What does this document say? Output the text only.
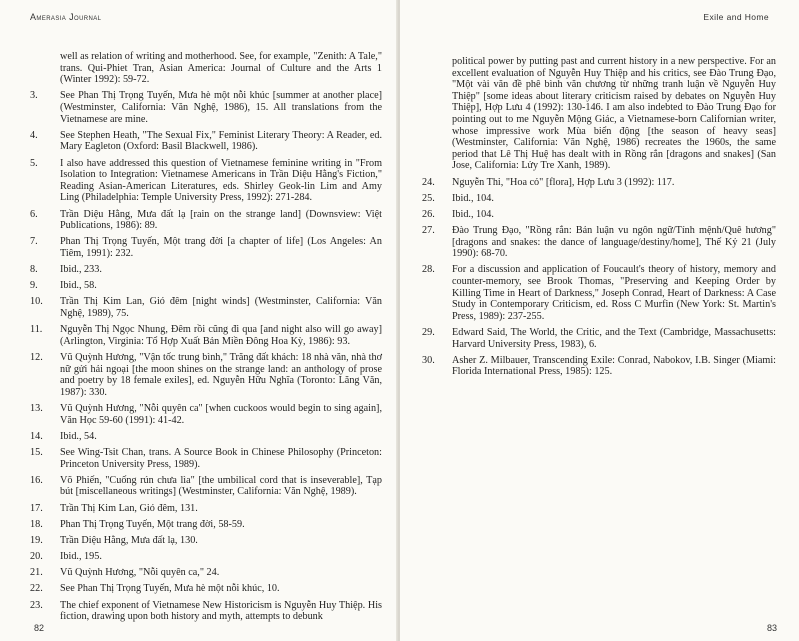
Amerasia Journal
well as relation of writing and motherhood. See, for example, "Zenith: A Tale," trans. Qui-Phiet Tran, Asian America: Journal of Culture and the Arts 1 (Winter 1992): 59-72.
3.	See Phan Thị Trọng Tuyến, Mưa hè một nỗi khúc [summer at another place] (Westminster, California: Văn Nghệ, 1986), 15. All translations from the Vietnamese are mine.
4.	See Stephen Heath, "The Sexual Fix," Feminist Literary Theory: A Reader, ed. Mary Eagleton (Oxford: Basil Blackwell, 1986).
5.	I also have addressed this question of Vietnamese feminine writing in "From Isolation to Integration: Vietnamese Americans in Trần Diệu Hằng's Fiction," Reading Asian-American Literatures, eds. Shirley Geok-lin Lim and Amy Ling (Philadelphia: Temple University Press, 1992): 271-284.
6.	Trần Diệu Hằng, Mưa đất lạ [rain on the strange land] (Downsview: Việt Publications, 1986): 89.
7.	Phan Thị Trọng Tuyến, Một trang đời [a chapter of life] (Los Angeles: An Tiêm, 1991): 232.
8.	Ibid., 233.
9.	Ibid., 58.
10.	Trần Thị Kim Lan, Gió đêm [night winds] (Westminster, California: Văn Nghệ, 1989), 75.
11.	Nguyễn Thị Ngọc Nhung, Đêm rồi cũng đi qua [and night also will go away] (Arlington, Virginia: Tổ Hợp Xuất Bản Miền Đông Hoa Kỳ, 1986): 93.
12.	Vũ Quỳnh Hương, "Vận tốc trung bình," Trăng đất khách: 18 nhà văn, nhà thơ nữ gửi hải ngoại [the moon shines on the strange land: an anthology of prose and poetry by 18 female exiles], ed. Nguyễn Hữu Nghĩa (Toronto: Lăng Văn, 1987): 330.
13.	Vũ Quỳnh Hương, "Nỗi quyên ca" [when cuckoos would begin to sing again], Văn Học 59-60 (1991): 41-42.
14.	Ibid., 54.
15.	See Wing-Tsit Chan, trans. A Source Book in Chinese Philosophy (Princeton: Princeton University Press, 1989).
16.	Võ Phiến, "Cuống rún chưa lìa" [the umbilical cord that is inseverable], Tạp bút [miscellaneous writings] (Westminster, California: Văn Nghệ, 1989).
17.	Trần Thị Kim Lan, Gió đêm, 131.
18.	Phan Thị Trọng Tuyến, Một trang đời, 58-59.
19.	Trần Diệu Hằng, Mưa đất lạ, 130.
20.	Ibid., 195.
21.	Vũ Quỳnh Hương, "Nỗi quyên ca," 24.
22.	See Phan Thị Trọng Tuyến, Mưa hè một nỗi khúc, 10.
23.	The chief exponent of Vietnamese New Historicism is Nguyễn Huy Thiệp. His fiction, drawing upon both history and myth, attempts to debunk
82
Exile and Home
political power by putting past and current history in a new perspective. For an excellent evaluation of Nguyễn Huy Thiệp and his critics, see Đào Trung Đạo, "Một vài văn đề phê bình văn chương từ những tranh luận về Nguyễn Huy Thiệp" [some ideas about literary criticism raised by debates on Nguyễn Huy Thiệp], Hợp Lưu 4 (1992): 130-146. I am also indebted to Đào Trung Đạo for pointing out to me Nguyễn Mộng Giác, a Vietnamese-born Californian writer, whose impressive work Mùa biển động [the season of heavy seas] (Westminster, California: Văn Nghệ, 1986) recreates the 1960s, the same period that Lê Thị Huệ has dealt with in Rồng rắn [dragons and snakes] (San Jose, California: Lửy Tre Xanh, 1989).
24.	Nguyễn Thi, "Hoa cỏ" [flora], Hợp Lưu 3 (1992): 117.
25.	Ibid., 104.
26.	Ibid., 104.
27.	Đào Trung Đạo, "Rồng rắn: Bản luận vu ngôn ngữ/Tính mệnh/Quê hương" [dragons and snakes: the dance of language/destiny/home], Thế Kỷ 21 (July 1990): 68-70.
28.	For a discussion and application of Foucault's theory of history, memory and counter-memory, see Brook Thomas, "Preserving and Keeping Order by Killing Time in Heart of Darkness," Joseph Conrad, Heart of Darkness: A Case Study in Contemporary Criticism, ed. Ross C Murfin (New York: St. Martin's Press, 1989): 237-255.
29.	Edward Said, The World, the Critic, and the Text (Cambridge, Massachusetts: Harvard University Press, 1983), 6.
30.	Asher Z. Milbauer, Transcending Exile: Conrad, Nabokov, I.B. Singer (Miami: Florida International Press, 1985): 125.
83
